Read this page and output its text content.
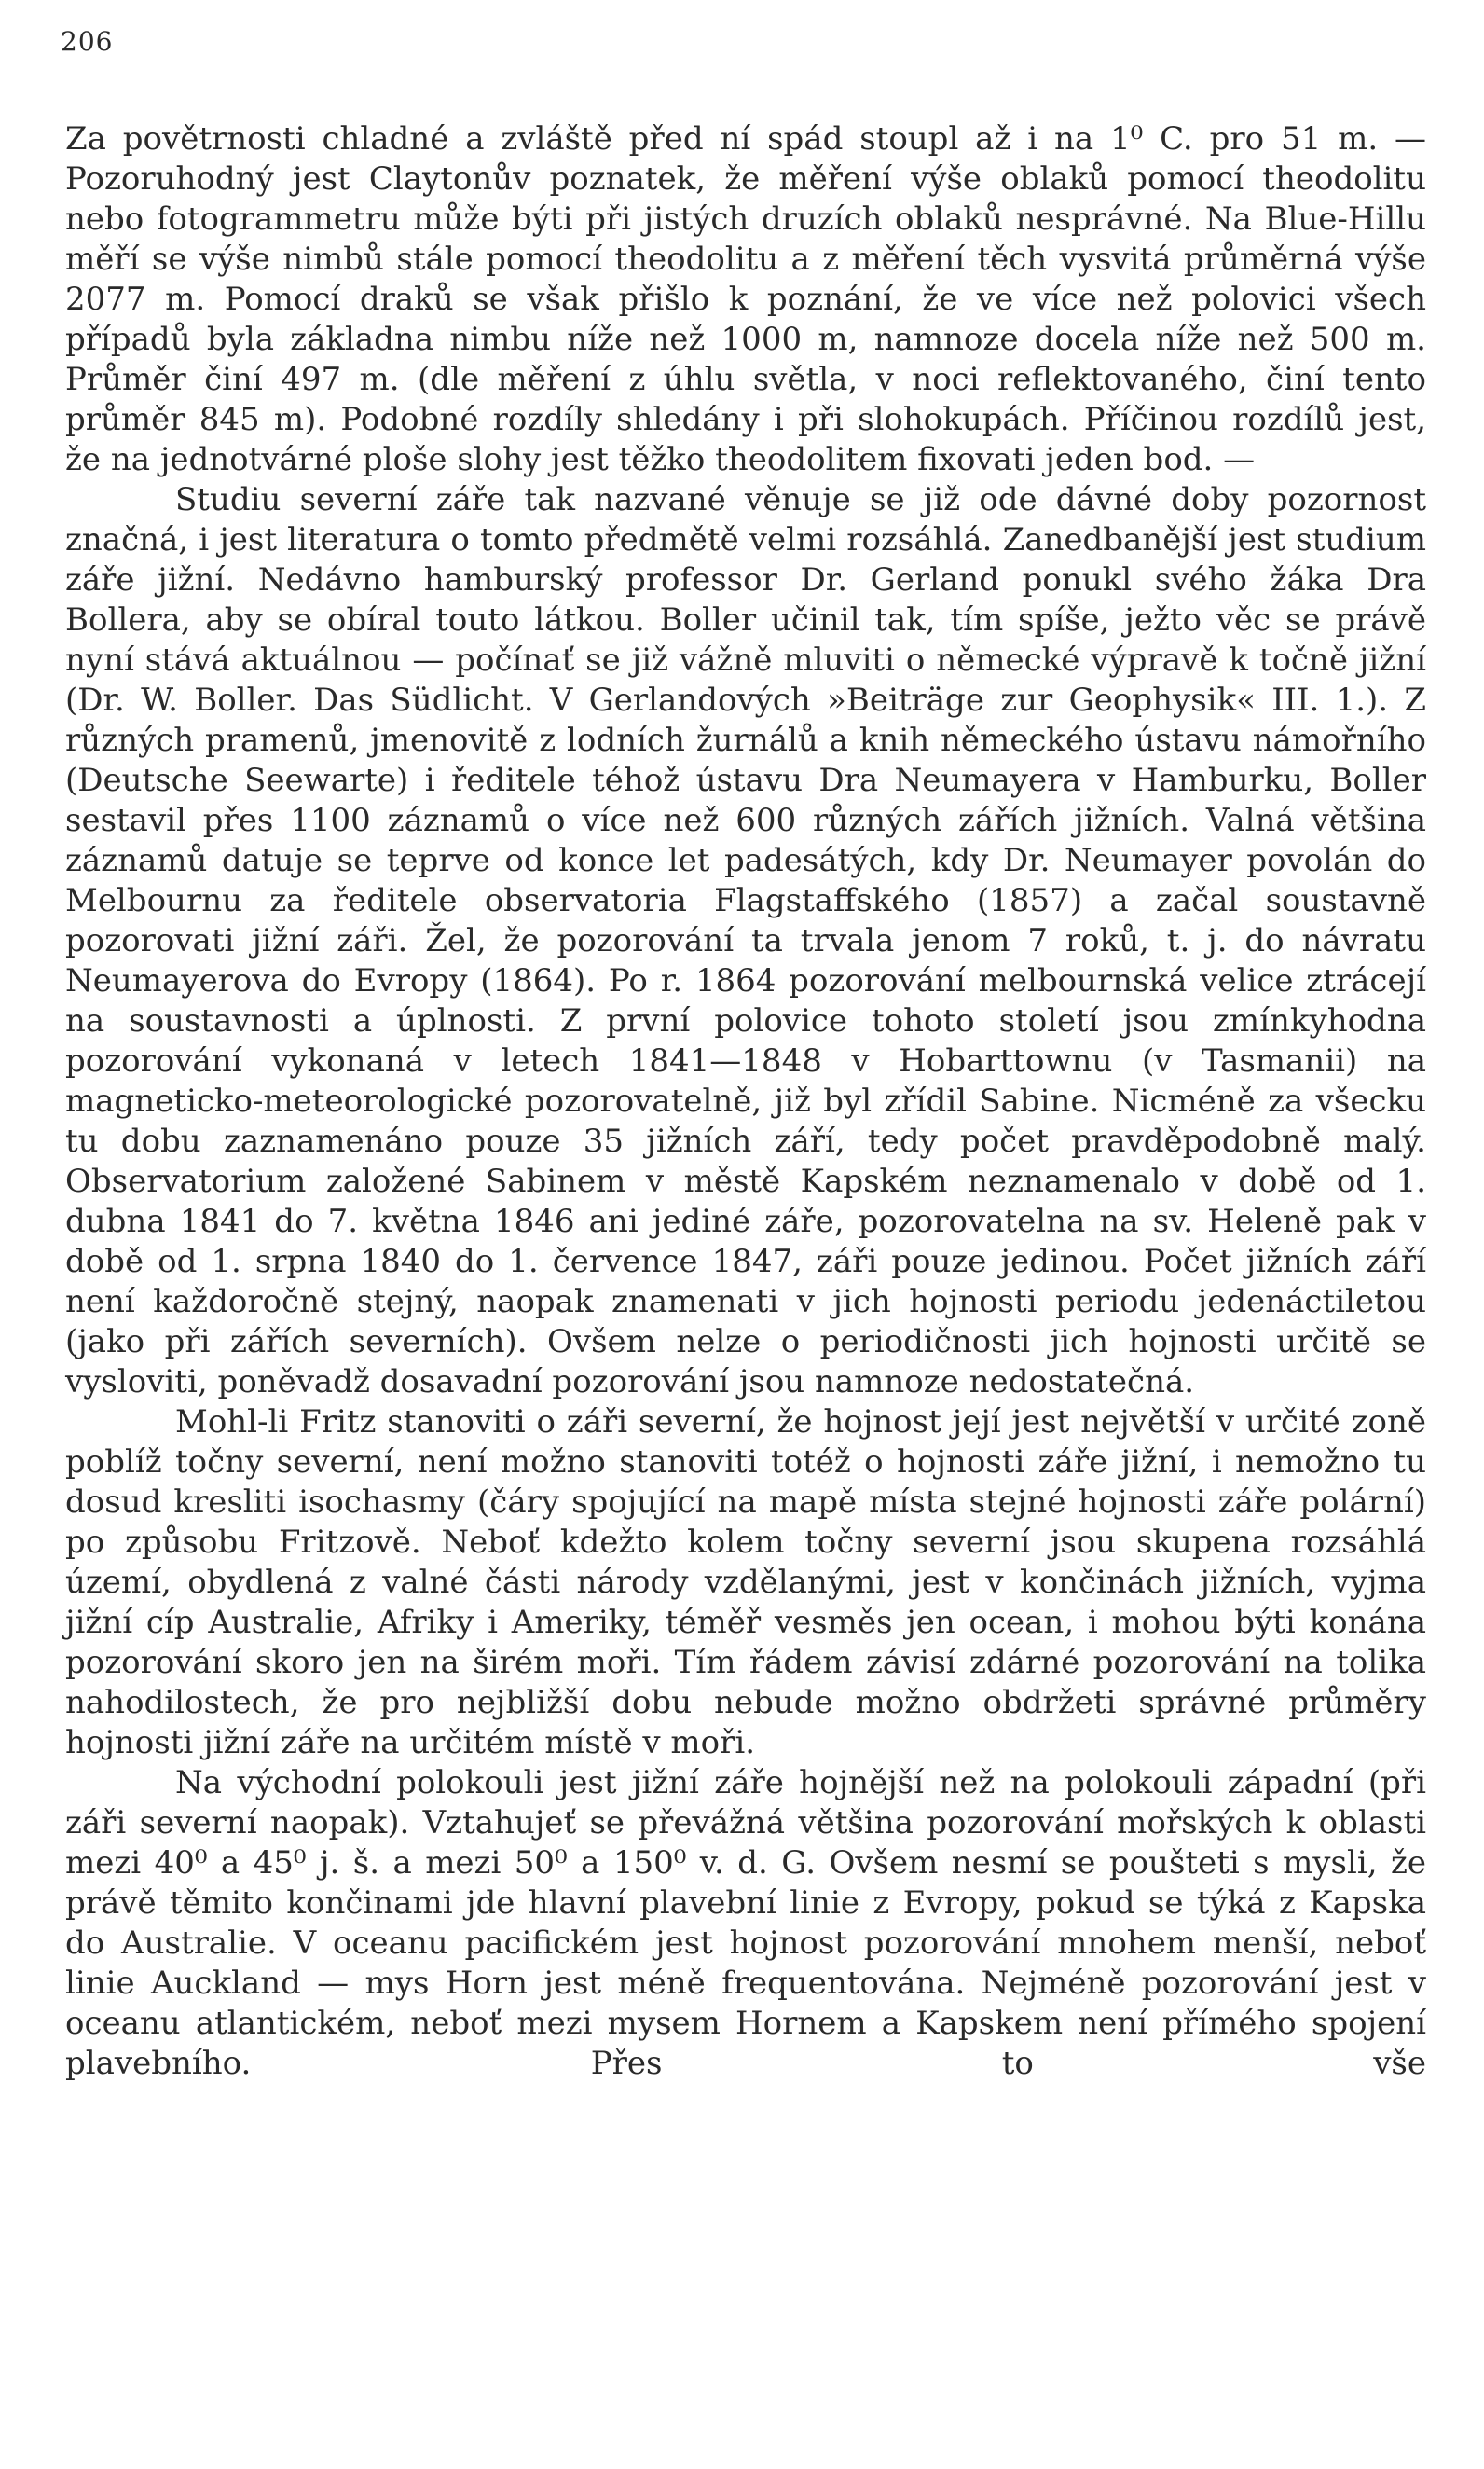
206

Za povětrnosti chladné a zvláště před ní spád stoupl až i na 1⁰ C. pro 51 m. — Pozoruhodný jest Claytonův poznatek, že měření výše oblaků pomocí theodolitu nebo fotogrammetru může býti při jistých druzích oblaků nesprávné. Na Blue-Hillu měří se výše nimbů stále pomocí theodolitu a z měření těch vysvitá průměrná výše 2077 m. Pomocí draků se však přišlo k poznání, že ve více než polovici všech případů byla základna nimbu níže než 1000 m, namnoze docela níže než 500 m. Průměr činí 497 m. (dle měření z úhlu světla, v noci reflektovaného, činí tento průměr 845 m). Podobné rozdíly shledány i při slohokupách. Příčinou rozdílů jest, že na jednotvárné ploše slohy jest těžko theodolitem fixovati jeden bod. —

Studiu severní záře tak nazvané věnuje se již ode dávné doby pozornost značná, i jest literatura o tomto předmětě velmi rozsáhlá. Zanedbanější jest studium záře jižní. Nedávno hamburský professor Dr. Gerland ponukl svého žáka Dra Bollera, aby se obíral touto látkou. Boller učinil tak, tím spíše, ježto věc se právě nyní stává aktuálnou — počínať se již vážně mluviti o německé výpravě k točně jižní (Dr. W. Boller. Das Südlicht. V Gerlandových »Beiträge zur Geophysik« III. 1.). Z různých pramenů, jmenovitě z lodních žurnálů a knih německého ústavu námořního (Deutsche Seewarte) i ředitele téhož ústavu Dra Neumayera v Hamburku, Boller sestavil přes 1100 záznamů o více než 600 různých zářích jižních. Valná většina záznamů datuje se teprve od konce let padesátých, kdy Dr. Neumayer povolán do Melbournu za ředitele observatoria Flagstaffského (1857) a začal soustavně pozorovati jižní záři. Žel, že pozorování ta trvala jenom 7 roků, t. j. do návratu Neumayerova do Evropy (1864). Po r. 1864 pozorování melbournská velice ztrácejí na soustavnosti a úplnosti. Z první polovice tohoto století jsou zmínkyhodna pozorování vykonaná v letech 1841—1848 v Hobarttownu (v Tasmanii) na magneticko-meteorologické pozorovatelně, již byl zřídil Sabine. Nicméně za všecku tu dobu zaznamenáno pouze 35 jižních září, tedy počet pravděpodobně malý. Observatorium založené Sabinem v městě Kapském neznamenalo v době od 1. dubna 1841 do 7. května 1846 ani jediné záře, pozorovatelna na sv. Heleně pak v době od 1. srpna 1840 do 1. července 1847, záři pouze jedinou. Počet jižních září není každoročně stejný, naopak znamenati v jich hojnosti periodu jedenáctiletou (jako při zářích severních). Ovšem nelze o periodičnosti jich hojnosti určitě se vysloviti, poněvadž dosavadní pozorování jsou namnoze nedostatečná.

Mohl-li Fritz stanoviti o záři severní, že hojnost její jest největší v určité zoně poblíž točny severní, není možno stanoviti totéž o hojnosti záře jižní, i nemožno tu dosud kresliti isochasmy (čáry spojující na mapě místa stejné hojnosti záře polární) po způsobu Fritzově. Neboť kdežto kolem točny severní jsou skupena rozsáhlá území, obydlená z valné části národy vzdělanými, jest v končinách jižních, vyjma jižní cíp Australie, Afriky i Ameriky, téměř vesměs jen ocean, i mohou býti konána pozorování skoro jen na širém moři. Tím řádem závisí zdárné pozorování na tolika nahodilostech, že pro nejbližší dobu nebude možno obdržeti správné průměry hojnosti jižní záře na určitém místě v moři.

Na východní polokouli jest jižní záře hojnější než na polokouli západní (při záři severní naopak). Vztahujeť se převážná většina pozorování mořských k oblasti mezi 40⁰ a 45⁰ j. š. a mezi 50⁰ a 150⁰ v. d. G. Ovšem nesmí se poušteti s mysli, že právě těmito končinami jde hlavní plavební linie z Evropy, pokud se týká z Kapska do Australie. V oceanu pacifickém jest hojnost pozorování mnohem menší, neboť linie Auckland — mys Horn jest méně frequentována. Nejméně pozorování jest v oceanu atlantickém, neboť mezi mysem Hornem a Kapskem není přímého spojení plavebního. Přes to vše
